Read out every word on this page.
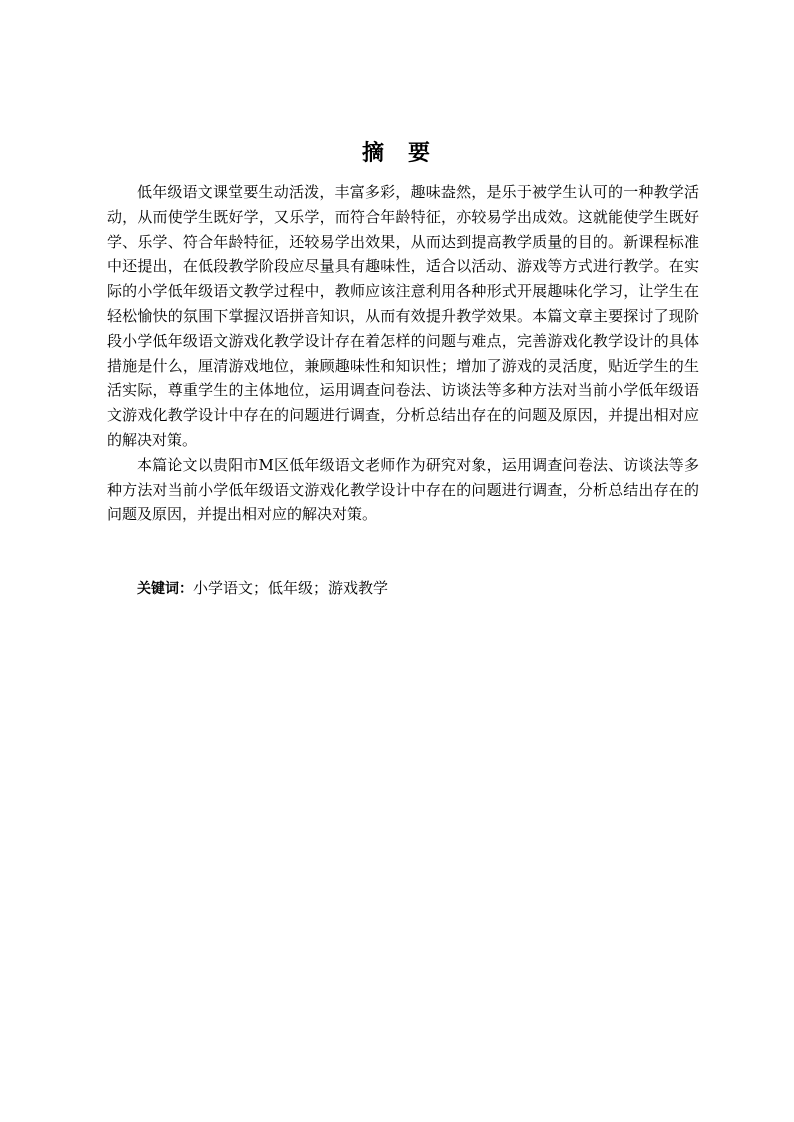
摘 要

低年级语文课堂要生动活泼，丰富多彩，趣味盎然，是乐于被学生认可的一种教学活动，从而使学生既好学，又乐学，而符合年龄特征，亦较易学出成效。这就能使学生既好学、乐学、符合年龄特征，还较易学出效果，从而达到提高教学质量的目的。新课程标准中还提出，在低段教学阶段应尽量具有趣味性，适合以活动、游戏等方式进行教学。在实际的小学低年级语文教学过程中，教师应该注意利用各种形式开展趣味化学习，让学生在轻松愉快的氛围下掌握汉语拼音知识，从而有效提升教学效果。本篇文章主要探讨了现阶段小学低年级语文游戏化教学设计存在着怎样的问题与难点，完善游戏化教学设计的具体措施是什么，厘清游戏地位，兼顾趣味性和知识性；增加了游戏的灵活度，贴近学生的生活实际，尊重学生的主体地位，运用调查问卷法、访谈法等多种方法对当前小学低年级语文游戏化教学设计中存在的问题进行调查，分析总结出存在的问题及原因，并提出相对应的解决对策。

本篇论文以贵阳市M区低年级语文老师作为研究对象，运用调查问卷法、访谈法等多种方法对当前小学低年级语文游戏化教学设计中存在的问题进行调查，分析总结出存在的问题及原因，并提出相对应的解决对策。

关键词：小学语文；低年级；游戏教学
